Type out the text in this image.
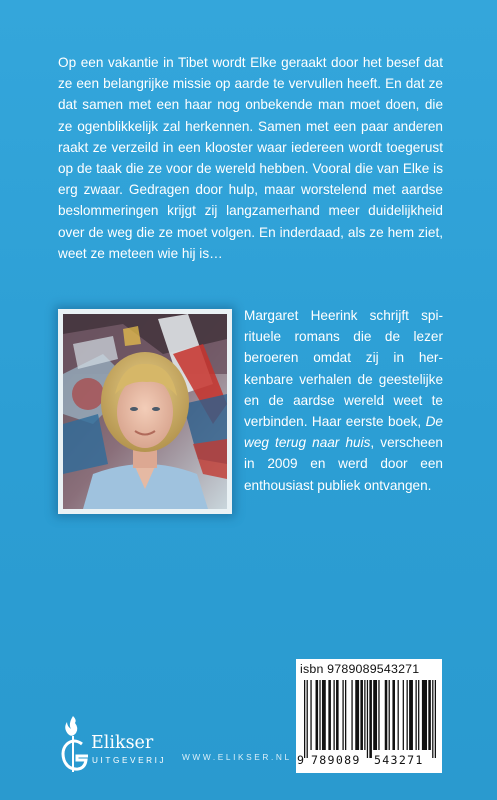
Op een vakantie in Tibet wordt Elke geraakt door het besef dat ze een belangrijke missie op aarde te vervullen heeft. En dat ze dat samen met een haar nog onbekende man moet doen, die ze ogenblikkelijk zal herkennen. Samen met een paar anderen raakt ze verzeild in een klooster waar iedereen wordt toegerust op de taak die ze voor de wereld hebben. Vooral die van Elke is erg zwaar. Gedragen door hulp, maar worstelend met aardse beslommeringen krijgt zij langzamerhand meer duidelijkheid over de weg die ze moet volgen. En inderdaad, als ze hem ziet, weet ze meteen wie hij is…

Margaret Heerink schrijft spirituele romans die de lezer beroeren omdat zij in herkenbare verhalen de geestelijke en de aardse wereld weet te verbinden. Haar eerste boek, De weg terug naar huis, verscheen in 2009 en werd door een enthousiast publiek ontvangen.

isbn 9789089543271
9 789089 543271
Elikser
UITGEVERIJ WWW.ELIKSER.NL
